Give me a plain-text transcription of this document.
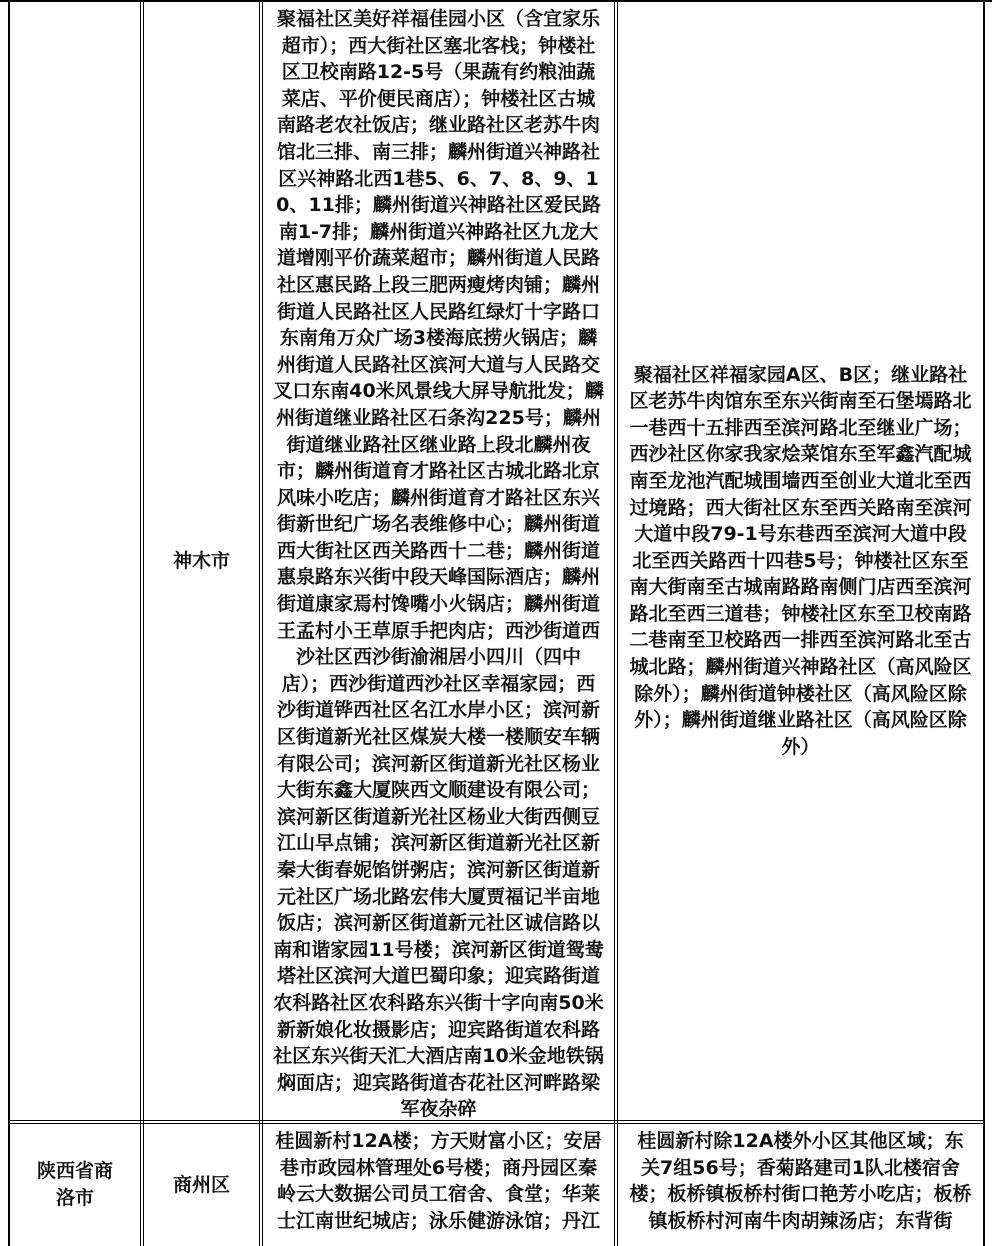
神木市
聚福社区美好祥福佳园小区（含宜家乐超市）；西大街社区塞北客栈；钟楼社区卫校南路12-5号（果蔬有约粮油蔬菜店、平价便民商店）；钟楼社区古城南路老农社饭店；继业路社区老苏牛肉馆北三排、南三排；麟州街道兴神路社区兴神路北西1巷5、6、7、8、9、10、11排；麟州街道兴神路社区爱民路南1-7排；麟州街道兴神路社区九龙大道增刚平价蔬菜超市；麟州街道人民路社区惠民路上段三肥两瘦烤肉铺；麟州街道人民路社区人民路红绿灯十字路口东南角万众广场3楼海底捞火锅店；麟州街道人民路社区滨河大道与人民路交叉口东南40米风景线大屏导航批发；麟州街道继业路社区石条沟225号；麟州街道继业路社区继业路上段北麟州夜市；麟州街道育才路社区古城北路北京风味小吃店；麟州街道育才路社区东兴街新世纪广场名表维修中心；麟州街道西大街社区西关路西十二巷；麟州街道惠泉路东兴街中段天峰国际酒店；麟州街道康家焉村馋嘴小火锅店；麟州街道王孟村小王草原手把肉店；西沙街道西沙社区西沙街渝湘居小四川（四中店）；西沙街道西沙社区幸福家园；西沙街道铧西社区名江水岸小区；滨河新区街道新光社区煤炭大楼一楼顺安车辆有限公司；滨河新区街道新光社区杨业大街东鑫大厦陕西文顺建设有限公司；滨河新区街道新光社区杨业大街西侧豆江山早点铺；滨河新区街道新光社区新秦大街春妮馅饼粥店；滨河新区街道新元社区广场北路宏伟大厦贾福记半亩地饭店；滨河新区街道新元社区诚信路以南和谐家园11号楼；滨河新区街道鸳鸯塔社区滨河大道巴蜀印象；迎宾路街道农科路社区农科路东兴街十字向南50米新新娘化妆摄影店；迎宾路街道农科路社区东兴街天汇大酒店南10米金地铁锅焖面店；迎宾路街道杏花社区河畔路梁军夜杂碎
聚福社区祥福家园A区、B区；继业路社区老苏牛肉馆东至东兴街南至石堡墕路北一巷西十五排西至滨河路北至继业广场；西沙社区你家我家烩菜馆东至军鑫汽配城南至龙池汽配城围墙西至创业大道北至西过境路；西大街社区东至西关路南至滨河大道中段79-1号东巷西至滨河大道中段北至西关路西十四巷5号；钟楼社区东至南大街南至古城南路路南侧门店西至滨河路北至西三道巷；钟楼社区东至卫校南路二巷南至卫校路西一排西至滨河路北至古城北路；麟州街道兴神路社区（高风险区除外）；麟州街道钟楼社区（高风险区除外）；麟州街道继业路社区（高风险区除外）
陕西省商洛市
商州区
桂圆新村12A楼；方天财富小区；安居巷市政园林管理处6号楼；商丹园区秦岭云大数据公司员工宿舍、食堂；华莱士江南世纪城店；泳乐健游泳馆；丹江
桂圆新村除12A楼外小区其他区域；东关7组56号；香菊路建司1队北楼宿舍楼；板桥镇板桥村街口艳芳小吃店；板桥镇板桥村河南牛肉胡辣汤店；东背街
